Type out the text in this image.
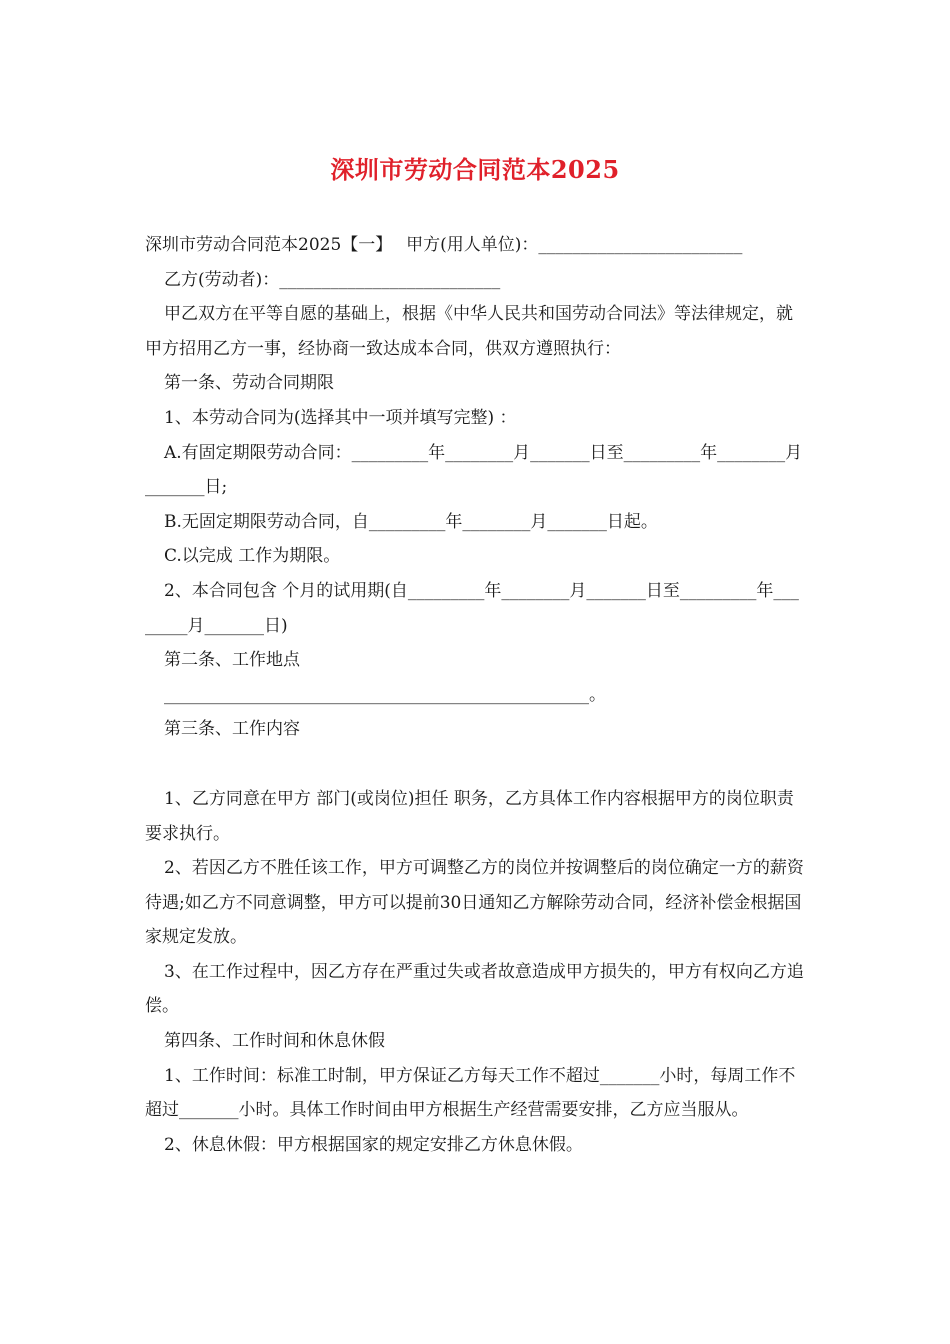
深圳市劳动合同范本2025

深圳市劳动合同范本2025【一】　 甲方(用人单位)：________________________

乙方(劳动者)：__________________________

甲乙双方在平等自愿的基础上，根据《中华人民共和国劳动合同法》等法律规定，就甲方招用乙方一事，经协商一致达成本合同，供双方遵照执行：

第一条、劳动合同期限

1、本劳动合同为(选择其中一项并填写完整) ：

A.有固定期限劳动合同：_________年________月_______日至_________年________月_______日;

B.无固定期限劳动合同，自_________年________月_______日起。

C.以完成 工作为期限。

2、本合同包含 个月的试用期(自_________年________月_______日至_________年________月_______日)

第二条、工作地点

__________________________________________________。

第三条、工作内容

1、乙方同意在甲方 部门(或岗位)担任 职务，乙方具体工作内容根据甲方的岗位职责要求执行。

2、若因乙方不胜任该工作，甲方可调整乙方的岗位并按调整后的岗位确定一方的薪资待遇;如乙方不同意调整，甲方可以提前30日通知乙方解除劳动合同，经济补偿金根据国家规定发放。

3、在工作过程中，因乙方存在严重过失或者故意造成甲方损失的，甲方有权向乙方追偿。

第四条、工作时间和休息休假

1、工作时间：标准工时制，甲方保证乙方每天工作不超过_______小时，每周工作不超过_______小时。具体工作时间由甲方根据生产经营需要安排，乙方应当服从。

2、休息休假：甲方根据国家的规定安排乙方休息休假。
